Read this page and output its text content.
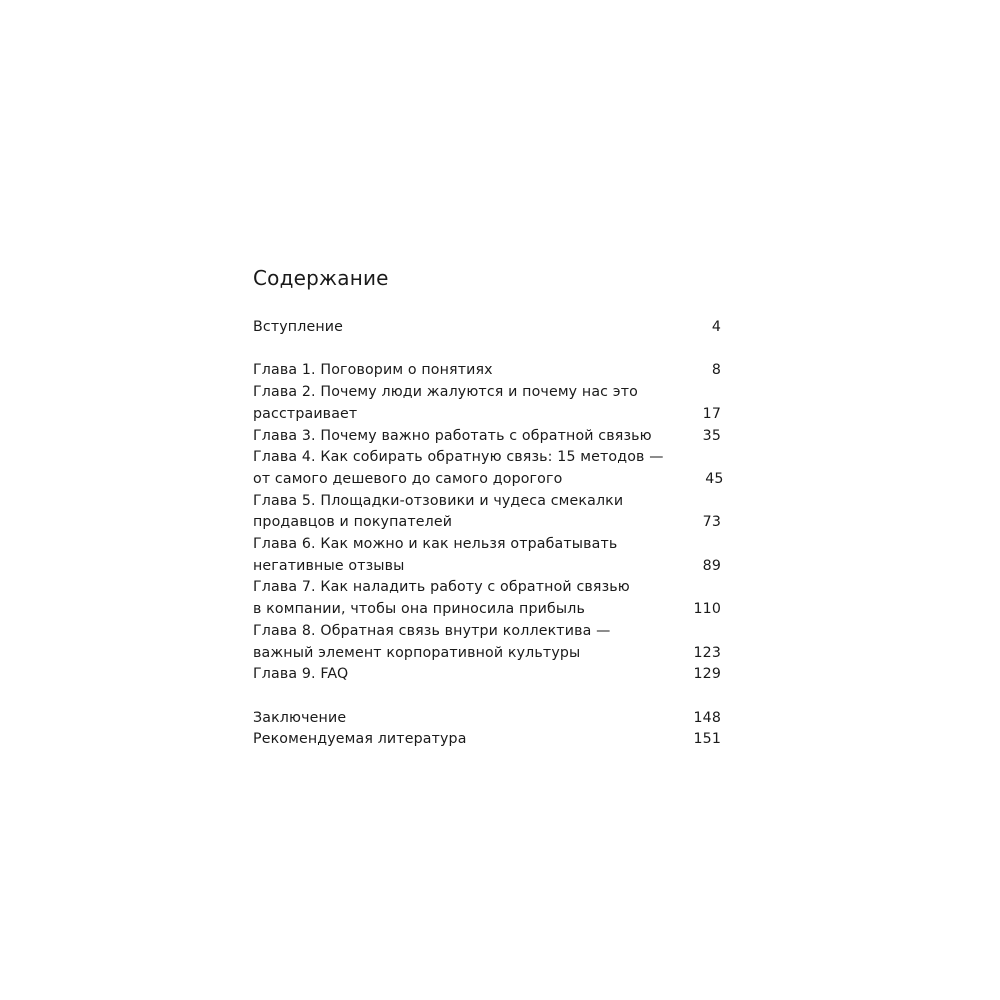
Содержание
Вступление	4
Глава 1. Поговорим о понятиях	8
Глава 2. Почему люди жалуются и почему нас это
расстраивает	17
Глава 3. Почему важно работать с обратной связью	35
Глава 4. Как собирать обратную связь: 15 методов —
от самого дешевого до самого дорогого	45
Глава 5. Площадки-отзовики и чудеса смекалки
продавцов и покупателей	73
Глава 6. Как можно и как нельзя отрабатывать
негативные отзывы	89
Глава 7. Как наладить работу с обратной связью
в компании, чтобы она приносила прибыль	110
Глава 8. Обратная связь внутри коллектива —
важный элемент корпоративной культуры	123
Глава 9. FAQ	129
Заключение	148
Рекомендуемая литература	151
